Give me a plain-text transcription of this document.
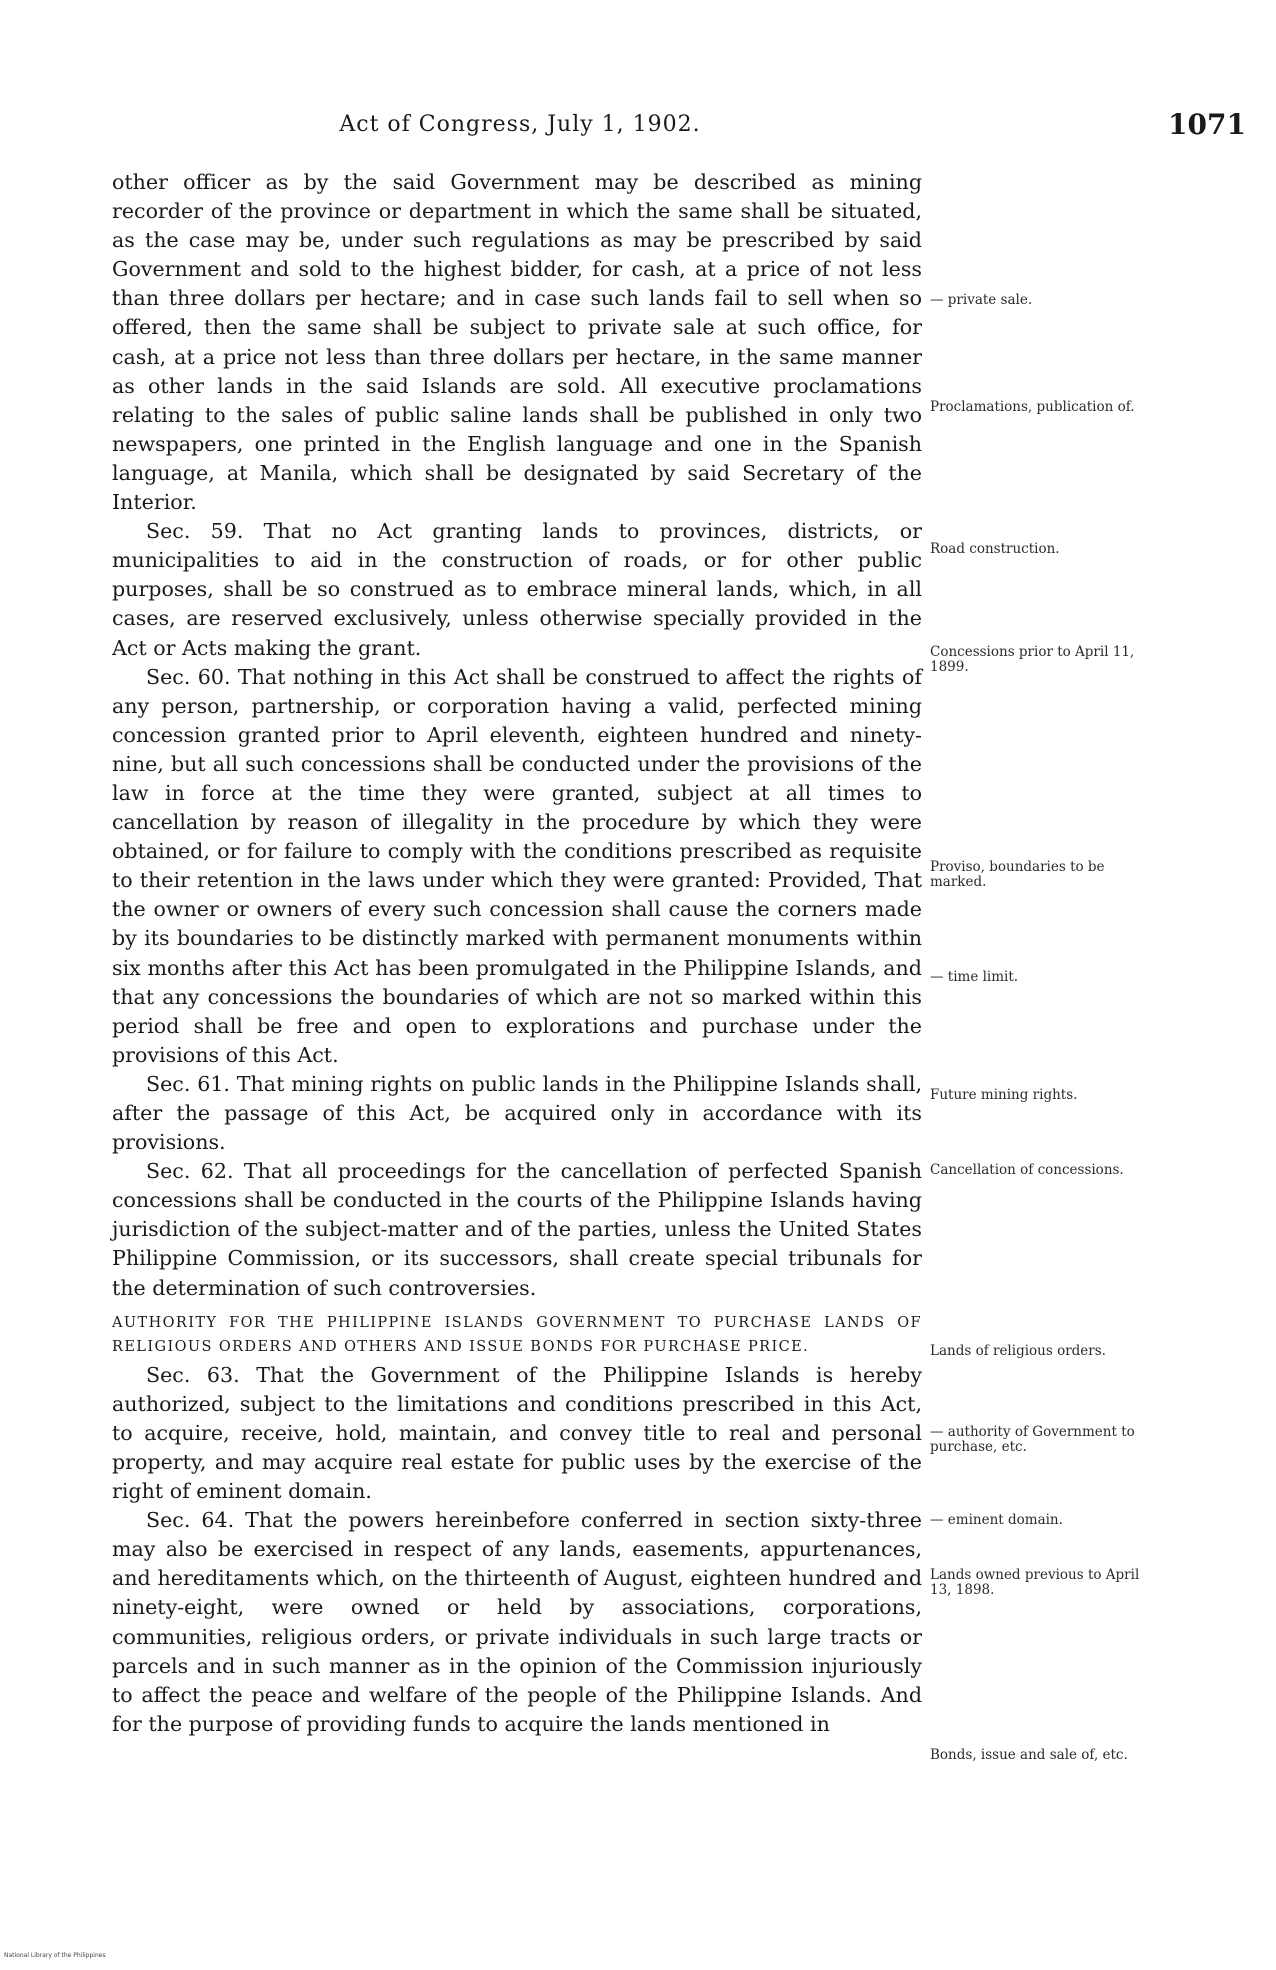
Act of Congress, July 1, 1902.	1071

other officer as by the said Government may be described as mining recorder of the province or department in which the same shall be situated, as the case may be, under such regulations as may be prescribed by said Government and sold to the highest bidder, for cash, at a price of not less than three dollars per hectare; and in case such lands fail to sell when so offered, then the same shall be subject to private sale at such office, for cash, at a price not less than three dollars per hectare, in the same manner as other lands in the said Islands are sold. All executive proclamations relating to the sales of public saline lands shall be published in only two newspapers, one printed in the English language and one in the Spanish language, at Manila, which shall be designated by said Secretary of the Interior.

Sec. 59. That no Act granting lands to provinces, districts, or municipalities to aid in the construction of roads, or for other public purposes, shall be so construed as to embrace mineral lands, which, in all cases, are reserved exclusively, unless otherwise specially provided in the Act or Acts making the grant.

Sec. 60. That nothing in this Act shall be construed to affect the rights of any person, partnership, or corporation having a valid, perfected mining concession granted prior to April eleventh, eighteen hundred and ninety-nine, but all such concessions shall be conducted under the provisions of the law in force at the time they were granted, subject at all times to cancellation by reason of illegality in the procedure by which they were obtained, or for failure to comply with the conditions prescribed as requisite to their retention in the laws under which they were granted: Provided, That the owner or owners of every such concession shall cause the corners made by its boundaries to be distinctly marked with permanent monuments within six months after this Act has been promulgated in the Philippine Islands, and that any concessions the boundaries of which are not so marked within this period shall be free and open to explorations and purchase under the provisions of this Act.

Sec. 61. That mining rights on public lands in the Philippine Islands shall, after the passage of this Act, be acquired only in accordance with its provisions.

Sec. 62. That all proceedings for the cancellation of perfected Spanish concessions shall be conducted in the courts of the Philippine Islands having jurisdiction of the subject-matter and of the parties, unless the United States Philippine Commission, or its successors, shall create special tribunals for the determination of such controversies.

AUTHORITY FOR THE PHILIPPINE ISLANDS GOVERNMENT TO PURCHASE LANDS OF RELIGIOUS ORDERS AND OTHERS AND ISSUE BONDS FOR PURCHASE PRICE.

Sec. 63. That the Government of the Philippine Islands is hereby authorized, subject to the limitations and conditions prescribed in this Act, to acquire, receive, hold, maintain, and convey title to real and personal property, and may acquire real estate for public uses by the exercise of the right of eminent domain.

Sec. 64. That the powers hereinbefore conferred in section sixty-three may also be exercised in respect of any lands, easements, appurtenances, and hereditaments which, on the thirteenth of August, eighteen hundred and ninety-eight, were owned or held by associations, corporations, communities, religious orders, or private individuals in such large tracts or parcels and in such manner as in the opinion of the Commission injuriously to affect the peace and welfare of the people of the Philippine Islands. And for the purpose of providing funds to acquire the lands mentioned in

— private sale.
Proclamations, publication of.
Road construction.
Concessions prior to April 11, 1899.
Proviso, boundaries to be marked.
— time limit.
Future mining rights.
Cancellation of concessions.
Lands of religious orders.
— authority of Government to purchase, etc.
— eminent domain.
Lands owned previous to April 13, 1898.
Bonds, issue and sale of, etc.
National Library of the Philippines
